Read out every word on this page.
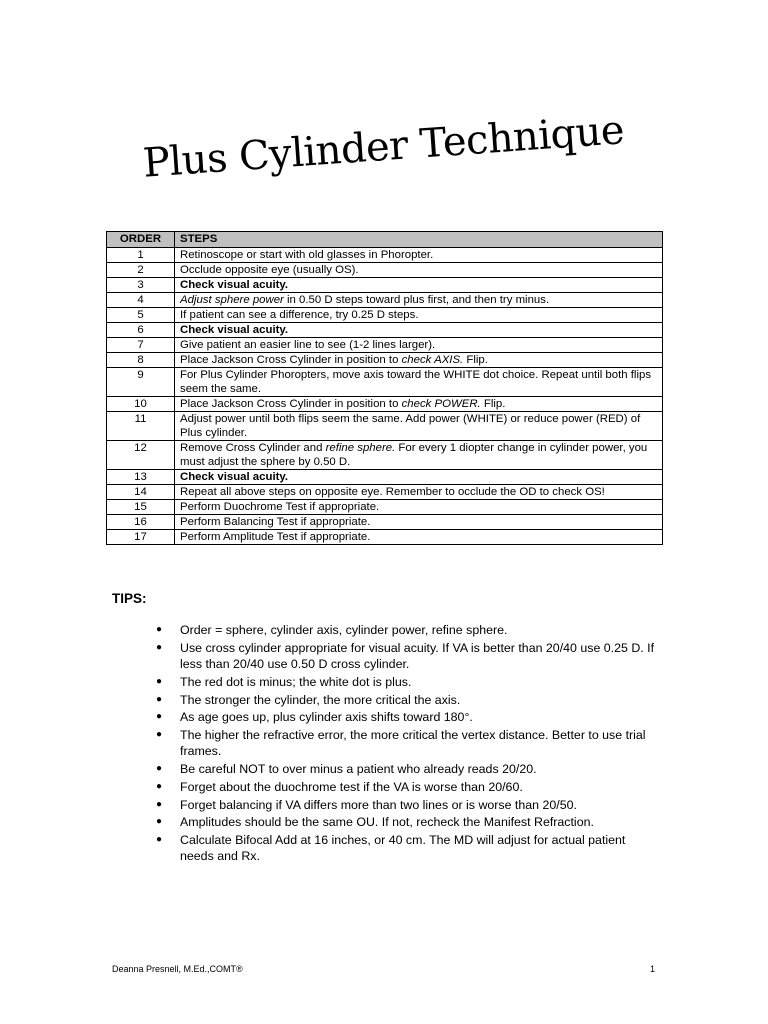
Plus Cylinder Technique
ORDER	STEPS
1	Retinoscope or start with old glasses in Phoropter.
2	Occlude opposite eye (usually OS).
3	Check visual acuity.
4	Adjust sphere power in 0.50 D steps toward plus first, and then try minus.
5	If patient can see a difference, try 0.25 D steps.
6	Check visual acuity.
7	Give patient an easier line to see (1-2 lines larger).
8	Place Jackson Cross Cylinder in position to check AXIS. Flip.
9	For Plus Cylinder Phoropters, move axis toward the WHITE dot choice. Repeat until both flips seem the same.
10	Place Jackson Cross Cylinder in position to check POWER. Flip.
11	Adjust power until both flips seem the same. Add power (WHITE) or reduce power (RED) of Plus cylinder.
12	Remove Cross Cylinder and refine sphere. For every 1 diopter change in cylinder power, you must adjust the sphere by 0.50 D.
13	Check visual acuity.
14	Repeat all above steps on opposite eye. Remember to occlude the OD to check OS!
15	Perform Duochrome Test if appropriate.
16	Perform Balancing Test if appropriate.
17	Perform Amplitude Test if appropriate.
TIPS:
● Order = sphere, cylinder axis, cylinder power, refine sphere.
● Use cross cylinder appropriate for visual acuity. If VA is better than 20/40 use 0.25 D. If less than 20/40 use 0.50 D cross cylinder.
● The red dot is minus; the white dot is plus.
● The stronger the cylinder, the more critical the axis.
● As age goes up, plus cylinder axis shifts toward 180°.
● The higher the refractive error, the more critical the vertex distance. Better to use trial frames.
● Be careful NOT to over minus a patient who already reads 20/20.
● Forget about the duochrome test if the VA is worse than 20/60.
● Forget balancing if VA differs more than two lines or is worse than 20/50.
● Amplitudes should be the same OU. If not, recheck the Manifest Refraction.
● Calculate Bifocal Add at 16 inches, or 40 cm. The MD will adjust for actual patient needs and Rx.
Deanna Presnell, M.Ed.,COMT®	1
